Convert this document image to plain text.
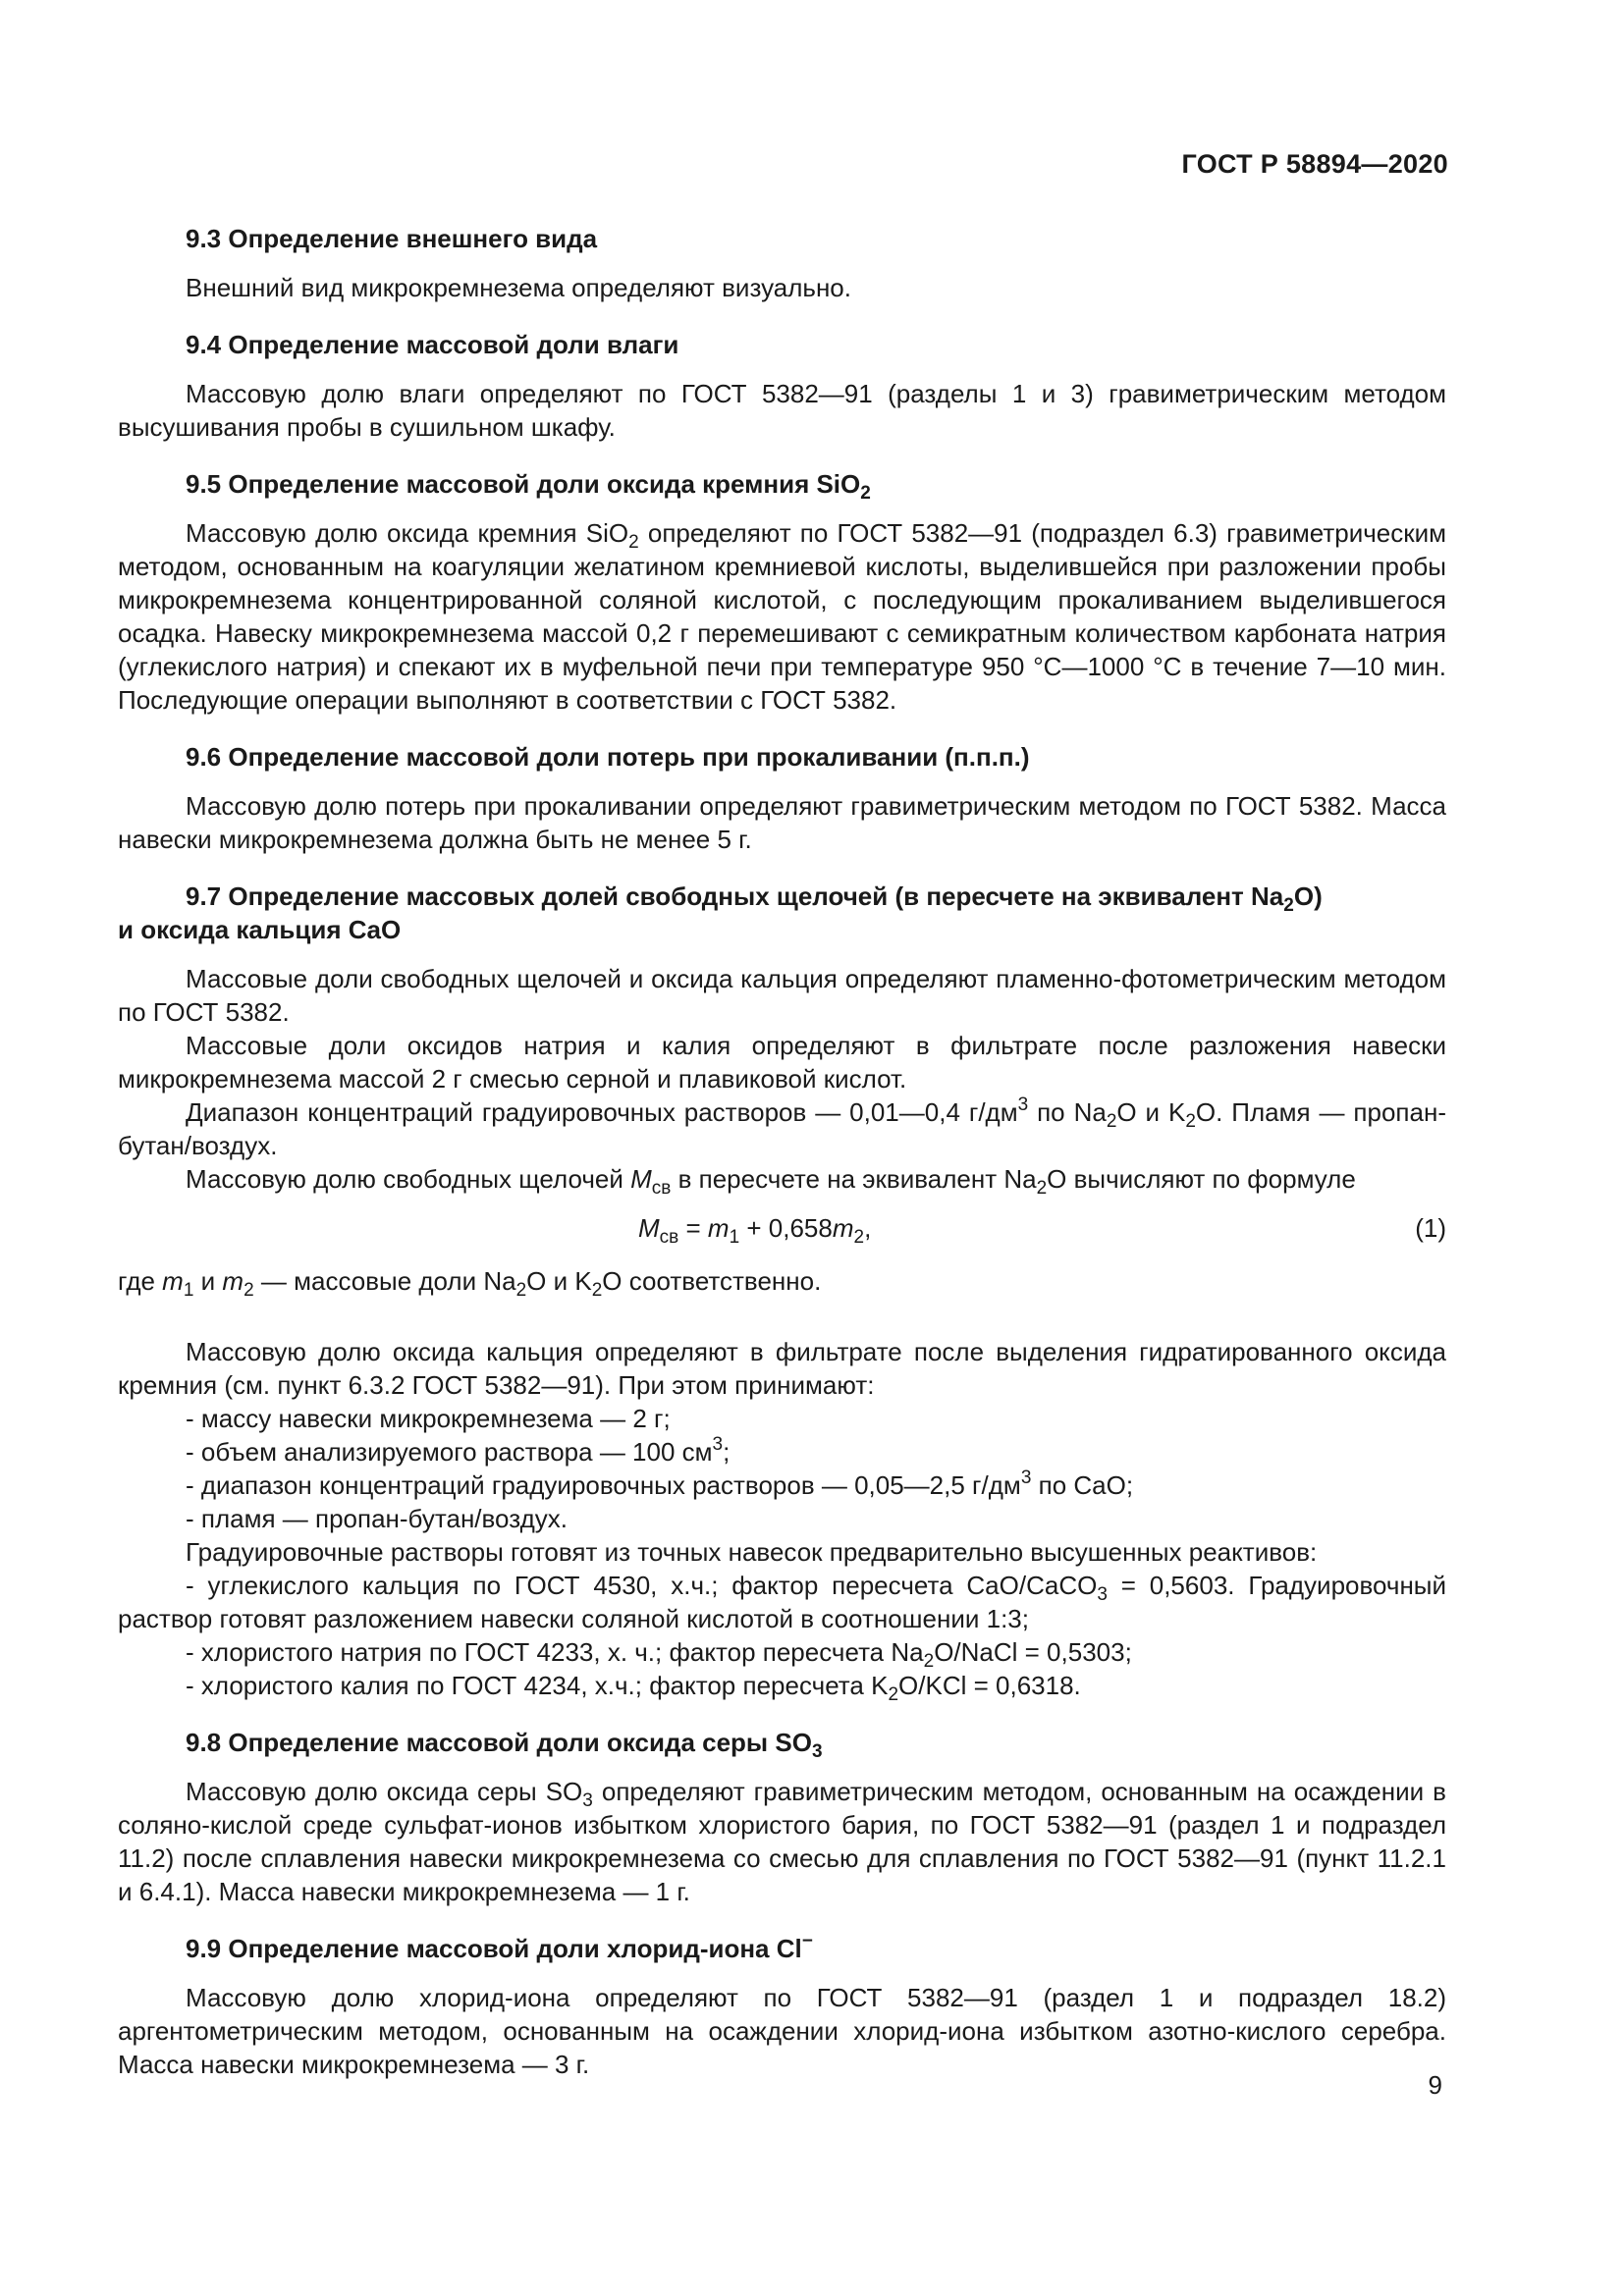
ГОСТ Р 58894—2020
9.3 Определение внешнего вида

Внешний вид микрокремнезема определяют визуально.

9.4 Определение массовой доли влаги

Массовую долю влаги определяют по ГОСТ 5382—91 (разделы 1 и 3) гравиметрическим методом высушивания пробы в сушильном шкафу.

9.5 Определение массовой доли оксида кремния SiO$_2$

Массовую долю оксида кремния SiO$_2$ определяют по ГОСТ 5382—91 (подраздел 6.3) гравиметрическим методом, основанным на коагуляции желатином кремниевой кислоты, выделившейся при разложении пробы микрокремнезема концентрированной соляной кислотой, с последующим прокаливанием выделившегося осадка. Навеску микрокремнезема массой 0,2 г перемешивают с семикратным количеством карбоната натрия (углекислого натрия) и спекают их в муфельной печи при температуре 950 °С—1000 °С в течение 7—10 мин. Последующие операции выполняют в соответствии с ГОСТ 5382.

9.6 Определение массовой доли потерь при прокаливании (п.п.п.)

Массовую долю потерь при прокаливании определяют гравиметрическим методом по ГОСТ 5382. Масса навески микрокремнезема должна быть не менее 5 г.

9.7 Определение массовых долей свободных щелочей (в пересчете на эквивалент $Na_2O$)
и оксида кальция CaO

Массовые доли свободных щелочей и оксида кальция определяют пламенно-фотометрическим методом по ГОСТ 5382.

Массовые доли оксидов натрия и калия определяют в фильтрате после разложения навески микрокремнезема массой 2 г смесью серной и плавиковой кислот.

Диапазон концентраций градуировочных растворов — 0,01—0,4 $г/дм^3$ по $Na_2O$ и $K_2O$. Пламя — пропан-бутан/воздух.

Массовую долю свободных щелочей $M_{св}$ в пересчете на эквивалент $Na_2O$ вычисляют по формуле

$M_{св} = m_1 + 0,658m_2$,	(1)

где $m_1$ и $m_2$ — массовые доли $Na_2O$ и $K_2O$ соответственно.

Массовую долю оксида кальция определяют в фильтрате после выделения гидратированного оксида кремния (см. пункт 6.3.2 ГОСТ 5382—91). При этом принимают:

- массу навески микрокремнезема — 2 г;

- объем анализируемого раствора — 100 $см^3$;

- диапазон концентраций градуировочных растворов — 0,05—2,5 $г/дм^3$ по CaO;

- пламя — пропан-бутан/воздух.

Градуировочные растворы готовят из точных навесок предварительно высушенных реактивов:

- углекислого кальция по ГОСТ 4530, х.ч.; фактор пересчета CaO/CaCO$_3$ = 0,5603. Градуировочный раствор готовят разложением навески соляной кислотой в соотношении 1:3;

- хлористого натрия по ГОСТ 4233, х. ч.; фактор пересчета $Na_2O$/NaCl = 0,5303;

- хлористого калия по ГОСТ 4234, х.ч.; фактор пересчета $K_2O$/KCl = 0,6318.

9.8 Определение массовой доли оксида серы $SO_3$

Массовую долю оксида серы $SO_3$ определяют гравиметрическим методом, основанным на осаждении в соляно-кислой среде сульфат-ионов избытком хлористого бария, по ГОСТ 5382—91 (раздел 1 и подраздел 11.2) после сплавления навески микрокремнезема со смесью для сплавления по ГОСТ 5382—91 (пункт 11.2.1 и 6.4.1). Масса навески микрокремнезема — 1 г.

9.9 Определение массовой доли хлорид-иона Cl−

Массовую долю хлорид-иона определяют по ГОСТ 5382—91 (раздел 1 и подраздел 18.2) аргентометрическим методом, основанным на осаждении хлорид-иона избытком азотно-кислого серебра. Масса навески микрокремнезема — 3 г.

9
